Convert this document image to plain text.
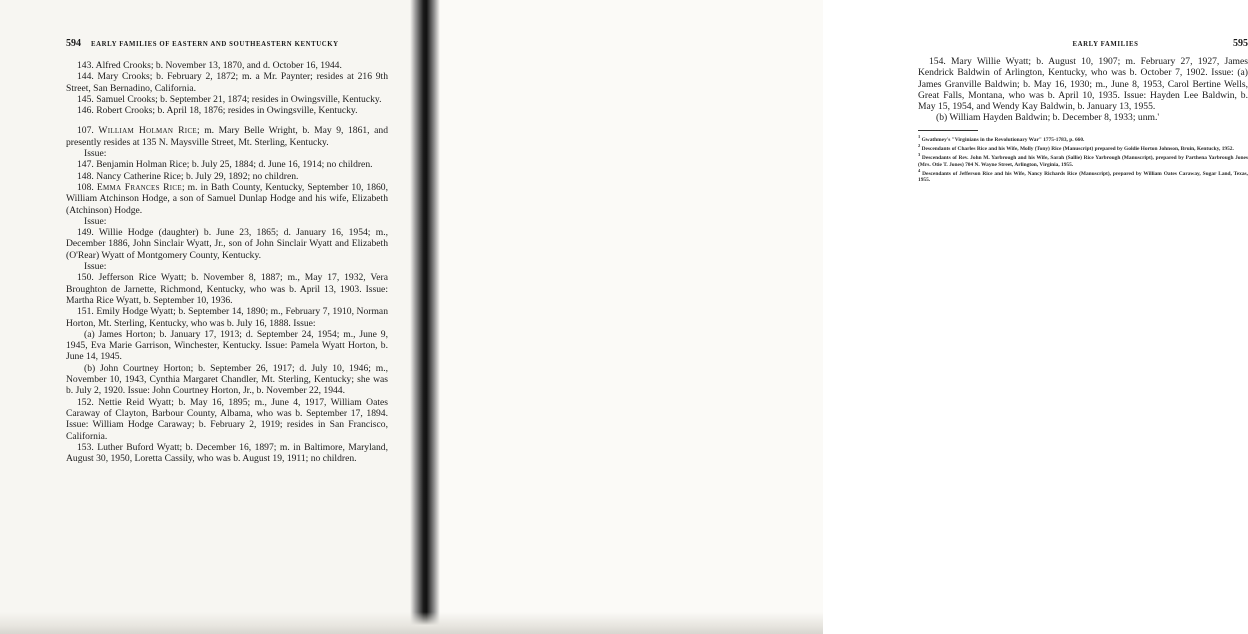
594 EARLY FAMILIES OF EASTERN AND SOUTHEASTERN KENTUCKY

143. Alfred Crooks; b. November 13, 1870, and d. October 16, 1944.

144. Mary Crooks; b. February 2, 1872; m. a Mr. Paynter; resides at 216 9th Street, San Bernadino, California.

145. Samuel Crooks; b. September 21, 1874; resides in Owingsville, Kentucky.

146. Robert Crooks; b. April 18, 1876; resides in Owingsville, Kentucky.

107. William Holman Rice; m. Mary Belle Wright, b. May 9, 1861, and presently resides at 135 N. Maysville Street, Mt. Sterling, Kentucky.

Issue:

147. Benjamin Holman Rice; b. July 25, 1884; d. June 16, 1914; no children.

148. Nancy Catherine Rice; b. July 29, 1892; no children.

108. Emma Frances Rice; m. in Bath County, Kentucky, September 10, 1860, William Atchinson Hodge, a son of Samuel Dunlap Hodge and his wife, Elizabeth (Atchinson) Hodge.

Issue:

149. Willie Hodge (daughter) b. June 23, 1865; d. January 16, 1954; m., December 1886, John Sinclair Wyatt, Jr., son of John Sinclair Wyatt and Elizabeth (O'Rear) Wyatt of Montgomery County, Kentucky.

Issue:

150. Jefferson Rice Wyatt; b. November 8, 1887; m., May 17, 1932, Vera Broughton de Jarnette, Richmond, Kentucky, who was b. April 13, 1903. Issue: Martha Rice Wyatt, b. September 10, 1936.

151. Emily Hodge Wyatt; b. September 14, 1890; m., February 7, 1910, Norman Horton, Mt. Sterling, Kentucky, who was b. July 16, 1888. Issue:

(a) James Horton; b. January 17, 1913; d. September 24, 1954; m., June 9, 1945, Eva Marie Garrison, Winchester, Kentucky. Issue: Pamela Wyatt Horton, b. June 14, 1945.

(b) John Courtney Horton; b. September 26, 1917; d. July 10, 1946; m., November 10, 1943, Cynthia Margaret Chandler, Mt. Sterling, Kentucky; she was b. July 2, 1920. Issue: John Courtney Horton, Jr., b. November 22, 1944.

152. Nettie Reid Wyatt; b. May 16, 1895; m., June 4, 1917, William Oates Caraway of Clayton, Barbour County, Albama, who was b. September 17, 1894. Issue: William Hodge Caraway; b. February 2, 1919; resides in San Francisco, California.

153. Luther Buford Wyatt; b. December 16, 1897; m. in Baltimore, Maryland, August 30, 1950, Loretta Cassily, who was b. August 19, 1911; no children.

EARLY FAMILIES	595

154. Mary Willie Wyatt; b. August 10, 1907; m. February 27, 1927, James Kendrick Baldwin of Arlington, Kentucky, who was b. October 7, 1902. Issue: (a) James Granville Baldwin; b. May 16, 1930; m., June 8, 1953, Carol Bertine Wells, Great Falls, Montana, who was b. April 10, 1935. Issue: Hayden Lee Baldwin, b. May 15, 1954, and Wendy Kay Baldwin, b. January 13, 1955.

(b) William Hayden Baldwin; b. December 8, 1933; unm.'

$^1$ Gwathmey's "Virginians in the Revolutionary War" 1775-1783, p. 660.

$^2$ Descendants of Charles Rice and his Wife, Molly (Tony) Rice (Manuscript) prepared by Goldie Horton Johnson, Bruin, Kentucky, 1952.

$^3$ Descendants of Rev. John M. Yarbrough and his Wife, Sarah (Sallie) Rice Yarbrough (Manuscript), prepared by Parthena Yarbrough Jones (Mrs. Otie T. Jones) 704 N. Wayne Street, Arlington, Virginia, 1955.

$^4$ Descendants of Jefferson Rice and his Wife, Nancy Richards Rice (Manuscript), prepared by William Oates Caraway, Sugar Land, Texas, 1955.
